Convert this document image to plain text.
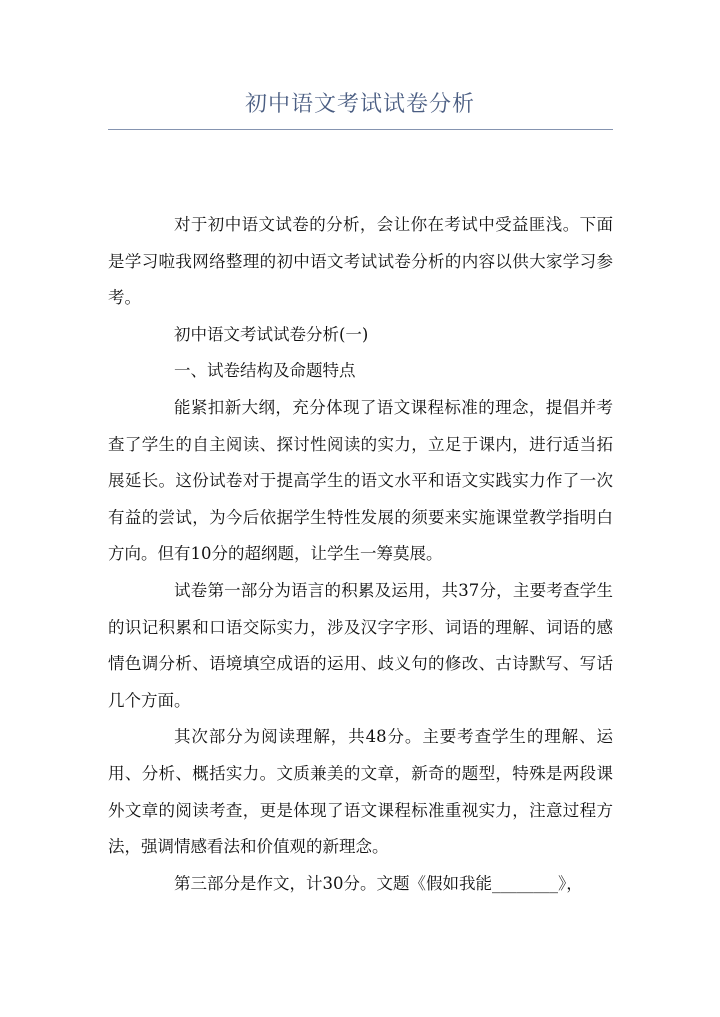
初中语文考试试卷分析

对于初中语文试卷的分析，会让你在考试中受益匪浅。下面是学习啦我网络整理的初中语文考试试卷分析的内容以供大家学习参考。

初中语文考试试卷分析(一)

一、试卷结构及命题特点

能紧扣新大纲，充分体现了语文课程标准的理念，提倡并考查了学生的自主阅读、探讨性阅读的实力，立足于课内，进行适当拓展延长。这份试卷对于提高学生的语文水平和语文实践实力作了一次有益的尝试，为今后依据学生特性发展的须要来实施课堂教学指明白方向。但有10分的超纲题，让学生一筹莫展。

试卷第一部分为语言的积累及运用，共37分，主要考查学生的识记积累和口语交际实力，涉及汉字字形、词语的理解、词语的感情色调分析、语境填空成语的运用、歧义句的修改、古诗默写、写话几个方面。

其次部分为阅读理解，共48分。主要考查学生的理解、运用、分析、概括实力。文质兼美的文章，新奇的题型，特殊是两段课外文章的阅读考查，更是体现了语文课程标准重视实力，注意过程方法，强调情感看法和价值观的新理念。

第三部分是作文，计30分。文题《假如我能________》，
